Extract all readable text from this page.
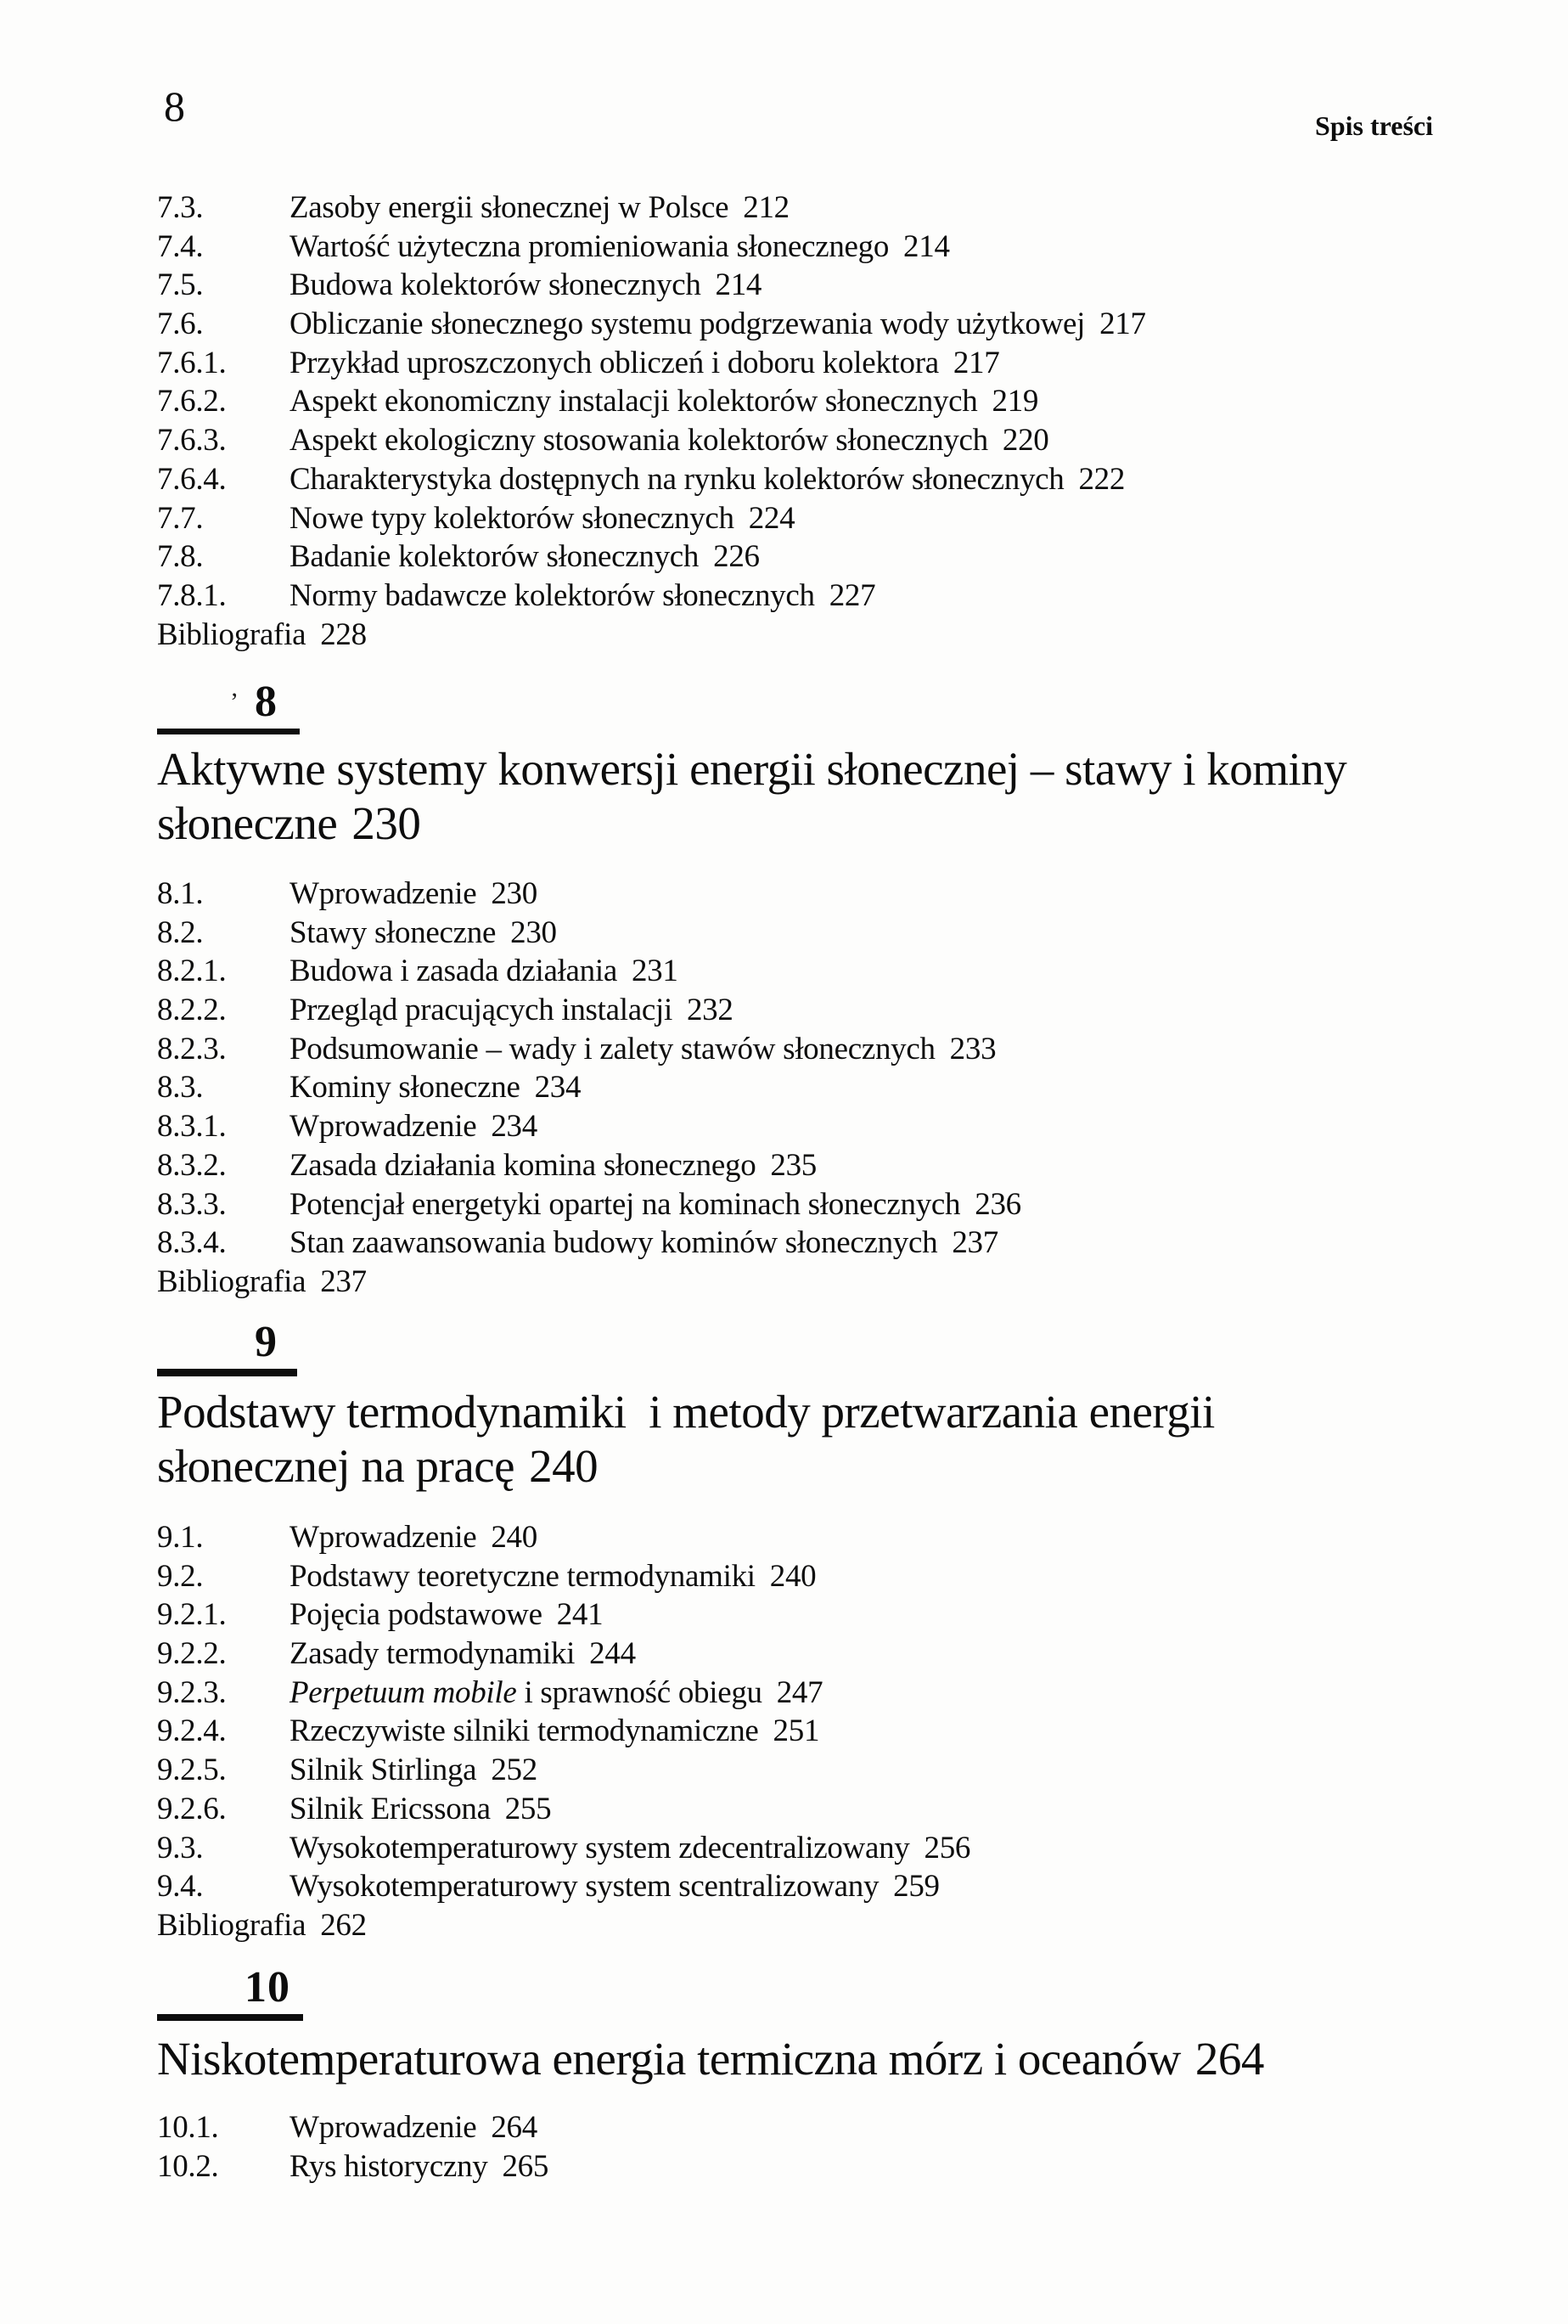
8	Spis treści
7.3.	Zasoby energii słonecznej w Polsce 212
7.4.	Wartość użyteczna promieniowania słonecznego 214
7.5.	Budowa kolektorów słonecznych 214
7.6.	Obliczanie słonecznego systemu podgrzewania wody użytkowej 217
7.6.1. Przykład uproszczonych obliczeń i doboru kolektora 217
7.6.2. Aspekt ekonomiczny instalacji kolektorów słonecznych 219
7.6.3. Aspekt ekologiczny stosowania kolektorów słonecznych 220
7.6.4. Charakterystyka dostępnych na rynku kolektorów słonecznych 222
7.7.	Nowe typy kolektorów słonecznych 224
7.8.	Badanie kolektorów słonecznych 226
7.8.1. Normy badawcze kolektorów słonecznych 227
Bibliografia 228
’ 8
Aktywne systemy konwersji energii słonecznej – stawy i kominy
słoneczne 230
8.1.	Wprowadzenie 230
8.2.	Stawy słoneczne 230
8.2.1. Budowa i zasada działania 231
8.2.2. Przegląd pracujących instalacji 232
8.2.3. Podsumowanie – wady i zalety stawów słonecznych 233
8.3.	Kominy słoneczne 234
8.3.1. Wprowadzenie 234
8.3.2. Zasada działania komina słonecznego 235
8.3.3. Potencjał energetyki opartej na kominach słonecznych 236
8.3.4. Stan zaawansowania budowy kominów słonecznych 237
Bibliografia 237
9
Podstawy termodynamiki  i metody przetwarzania energii
słonecznej na pracę 240
9.1.	Wprowadzenie 240
9.2.	Podstawy teoretyczne termodynamiki 240
9.2.1. Pojęcia podstawowe 241
9.2.2. Zasady termodynamiki 244
9.2.3. Perpetuum mobile i sprawność obiegu 247
9.2.4. Rzeczywiste silniki termodynamiczne 251
9.2.5. Silnik Stirlinga 252
9.2.6. Silnik Ericssona 255
9.3.	Wysokotemperaturowy system zdecentralizowany 256
9.4.	Wysokotemperaturowy system scentralizowany 259
Bibliografia 262
10
Niskotemperaturowa energia termiczna mórz i oceanów 264
10.1. Wprowadzenie 264
10.2. Rys historyczny 265
